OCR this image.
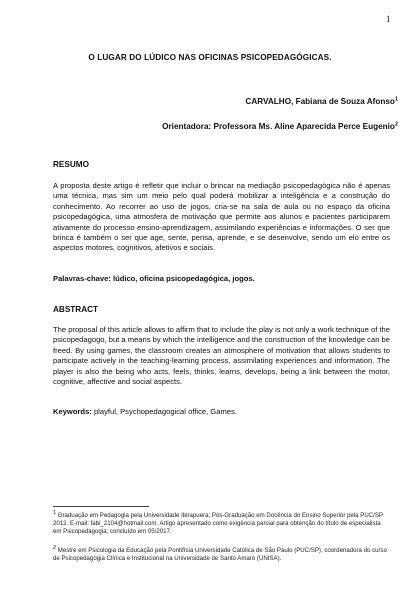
1
O LUGAR DO LÚDICO NAS OFICINAS PSICOPEDAGÓGICAS.
CARVALHO, Fabiana de Souza Afonso$^1$
Orientadora: Professora Ms. Aline Aparecida Perce Eugenio$^2$
RESUMO
A proposta deste artigo é refletir que incluir o brincar na mediação psicopedagógica não é apenas uma técnica, mas sim um meio pelo qual poderá mobilizar a inteligência e a construção do conhecimento. Ao recorrer ao uso de jogos, cria-se na sala de aula ou no espaço da oficina psicopedagógica, uma atmosfera de motivação que permite aos alunos e pacientes participarem ativamente do processo ensino-aprendizagem, assimilando experiências e informações. O ser que brinca é também o ser que age, sente, pensa, aprende, e se desenvolve, sendo um elo entre os aspectos motores, cognitivos, afetivos e sociais.
Palavras-chave: lúdico, oficina psicopedagógica, jogos.
ABSTRACT
The proposal of this article allows to affirm that to include the play is not only a work technique of the psicopedagogo, but a means by which the intelligence and the construction of the knowledge can be freed. By using games, the classroom creates an atmosphere of motivation that allows students to participate actively in the teaching-learning process, assimilating experiences and information. The player is also the being who acts, feels, thinks, learns, develops, being a link between the motor, cognitive, affective and social aspects.
Keywords: playful, Psychopedagogical office, Games.
1 Graduação em Pedagogia pela Universidade Ibirapuera; Pós-Graduação em Docência do Ensino Superior pela PUC/SP 2012. E-mail: fabi_2104@hotmail.com. Artigo apresentado como exigência parcial para obtenção do título de especialista em Psicopedagogia; concluído em 05/2017.
2 Mestre em Psicologia da Educação pela Pontifícia Universidade Católica de São Paulo (PUC/SP); coordenadora do curso de Psicopedagogia Clínica e Institucional na Universidade de Santo Amaro (UNISA).
